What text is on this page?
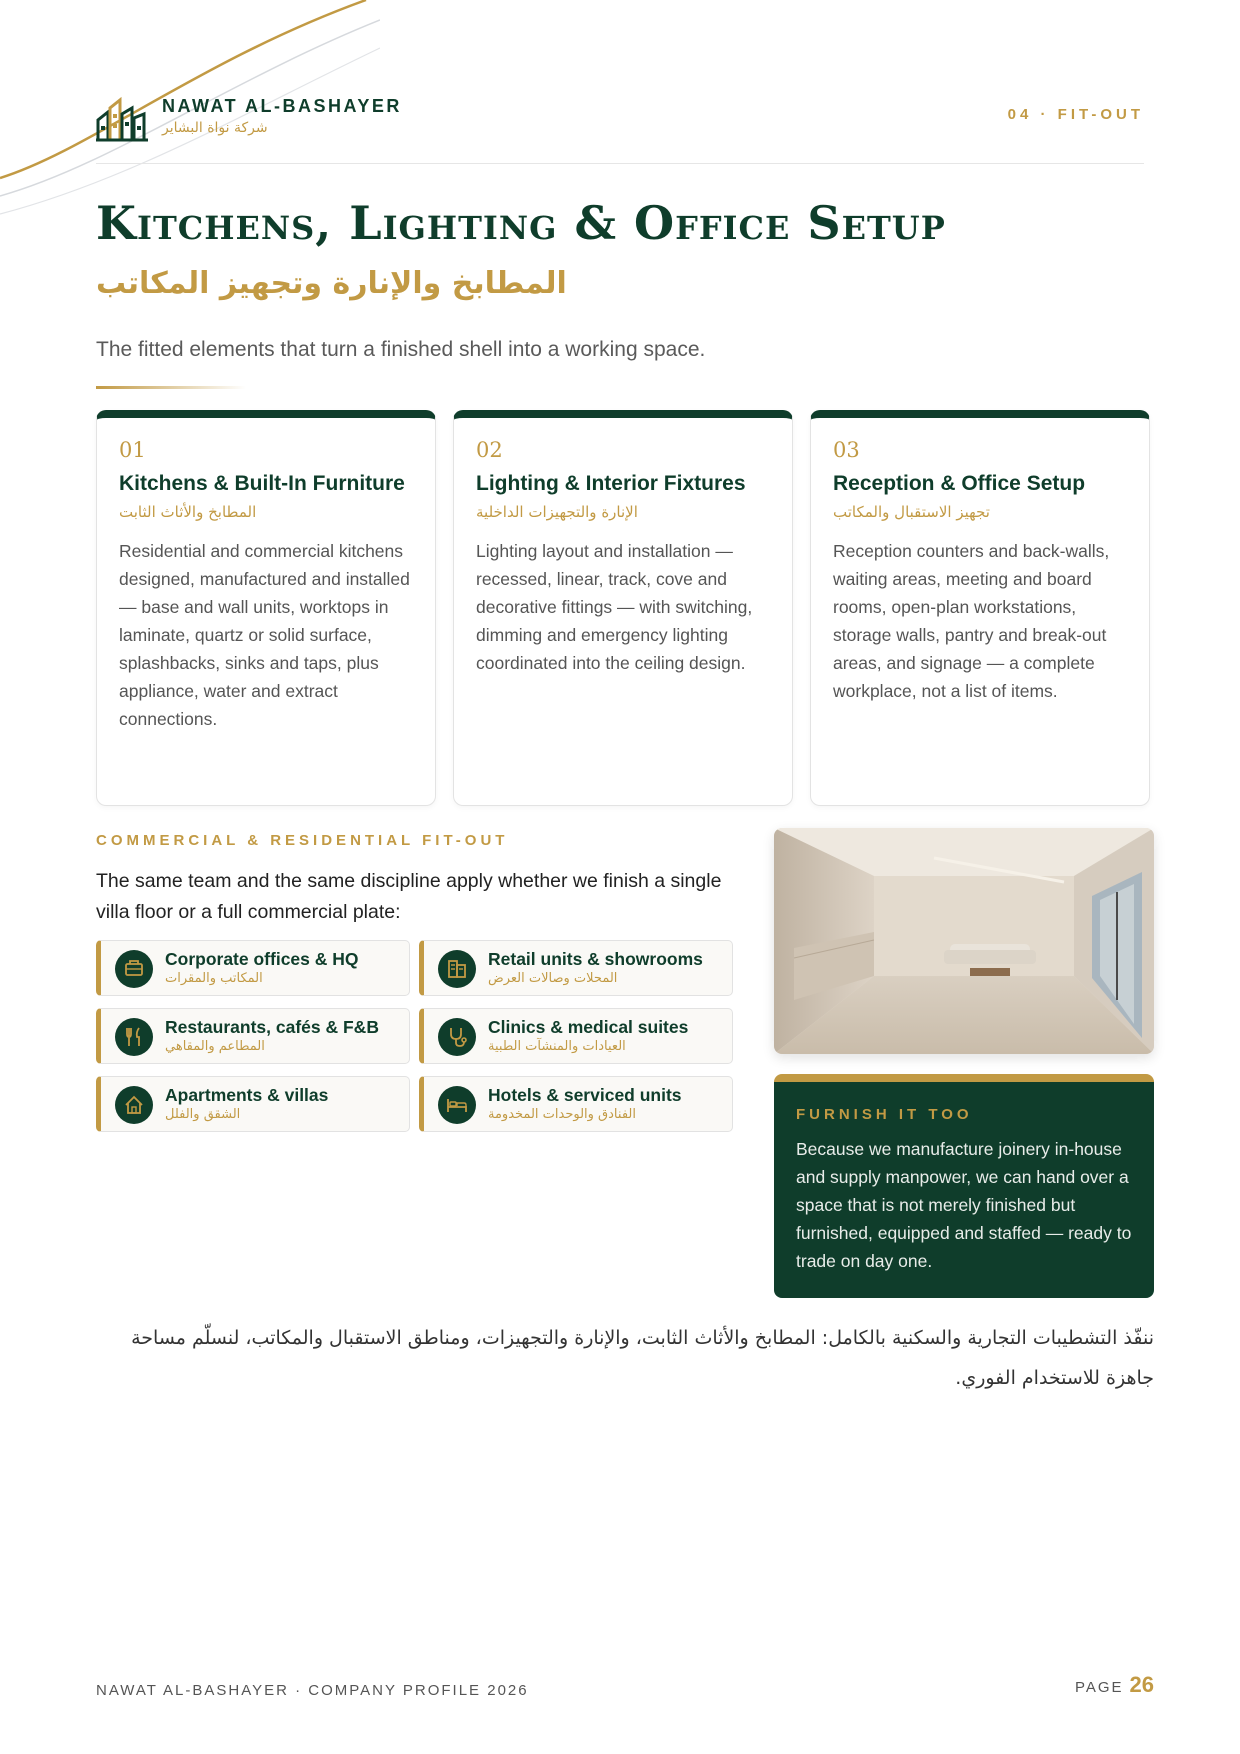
NAWAT AL-BASHAYER
شركة نواة البشاير
04 · FIT-OUT
Kitchens, Lighting & Office Setup
المطابخ والإنارة وتجهيز المكاتب

The fitted elements that turn a finished shell into a working space.

01
Kitchens & Built-In Furniture
المطابخ والأثاث الثابت
Residential and commercial kitchens designed, manufactured and installed — base and wall units, worktops in laminate, quartz or solid surface, splashbacks, sinks and taps, plus appliance, water and extract connections.
02
Lighting & Interior Fixtures
الإنارة والتجهيزات الداخلية
Lighting layout and installation — recessed, linear, track, cove and decorative fittings — with switching, dimming and emergency lighting coordinated into the ceiling design.
03
Reception & Office Setup
تجهيز الاستقبال والمكاتب
Reception counters and back-walls, waiting areas, meeting and board rooms, open-plan workstations, storage walls, pantry and break-out areas, and signage — a complete workplace, not a list of items.
COMMERCIAL & RESIDENTIAL FIT-OUT

The same team and the same discipline apply whether we finish a single villa floor or a full commercial plate:

Corporate offices & HQ
المكاتب والمقرات
Retail units & showrooms
المحلات وصالات العرض
Restaurants, cafés & F&B
المطاعم والمقاهي
Clinics & medical suites
العيادات والمنشآت الطبية
Apartments & villas
الشقق والفلل
Hotels & serviced units
الفنادق والوحدات المخدومة	FURNISH IT TOO
Because we manufacture joinery in-house and supply manpower, we can hand over a space that is not merely finished but furnished, equipped and staffed — ready to trade on day one.

ننفّذ التشطيبات التجارية والسكنية بالكامل: المطابخ والأثاث الثابت، والإنارة والتجهيزات، ومناطق الاستقبال والمكاتب، لنسلّم مساحة جاهزة للاستخدام الفوري.

NAWAT AL-BASHAYER · COMPANY PROFILE 2026	PAGE 26
